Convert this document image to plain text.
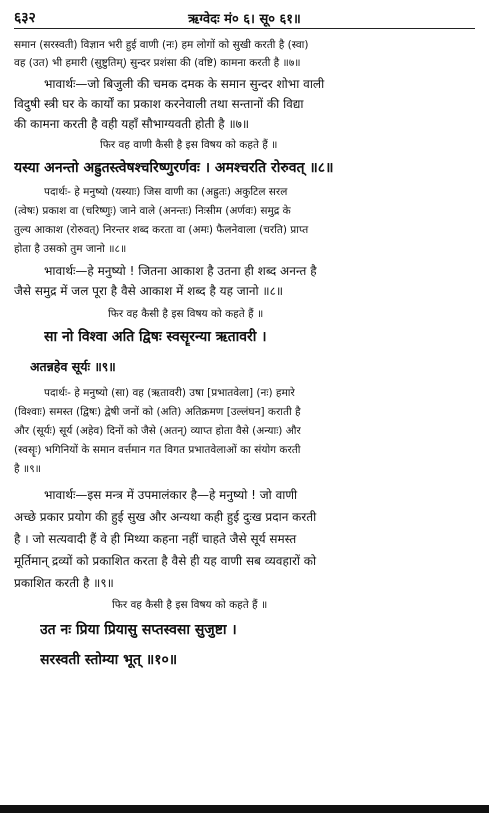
६३२	ऋग्वेदः मं० ६। सू० ६१॥
समान (सरस्वती) विज्ञान भरी हुई वाणी (नः) हम लोगों को सुखी करती है (स्वा)
वह (उत) भी हमारी (सुष्टुतिम्) सुन्दर प्रशंसा की (वष्टि) कामना करती है ॥७॥
भावार्थः—जो बिजुली की चमक दमक के समान सुन्दर शोभा वाली
विदुषी स्त्री घर के कार्यों का प्रकाश करनेवाली तथा सन्तानों की विद्या
की कामना करती है वही यहाँ सौभाग्यवती होती है ॥७॥
फिर वह वाणी कैसी है इस विषय को कहते हैं ॥
यस्या अनन्तो अह्रुतस्त्वेषश्चरिष्णुरर्णवः । अमश्चरति रोरुवत् ॥८॥
पदार्थः- हे मनुष्यो (यस्याः) जिस वाणी का (अह्रुतः) अकुटिल सरल
(त्वेषः) प्रकाश वा (चरिष्णुः) जाने वाले (अनन्तः) निःसीम (अर्णवः) समुद्र के
तुल्य आकाश (रोरुवत्) निरन्तर शब्द करता वा (अमः) फैलनेवाला (चरति) प्राप्त
होता है उसको तुम जानो ॥८॥
भावार्थः—हे मनुष्यो ! जितना आकाश है उतना ही शब्द अनन्त है
जैसे समुद्र में जल पूरा है वैसे आकाश में शब्द है यह जानो ॥८॥
फिर वह कैसी है इस विषय को कहते हैं ॥
सा नो विश्वा अति द्विषः स्वसॄरन्या ऋतावरी ।
अतन्नहेव सूर्यः ॥९॥
पदार्थः- हे मनुष्यो (सा) वह (ऋतावरी) उषा [प्रभातवेला] (नः) हमारे
(विश्वाः) समस्त (द्विषः) द्वेषी जनों को (अति) अतिक्रमण [उल्लंघन] कराती है
और (सूर्यः) सूर्य (अहेव) दिनों को जैसे (अतन्) व्याप्त होता वैसे (अन्याः) और
(स्वसॄः) भगिनियों के समान वर्त्तमान गत विगत प्रभातवेलाओं का संयोग करती
है ॥९॥
भावार्थः—इस मन्त्र में उपमालंकार है—हे मनुष्यो ! जो वाणी
अच्छे प्रकार प्रयोग की हुई सुख और अन्यथा कही हुई दुःख प्रदान करती
है । जो सत्यवादी हैं वे ही मिथ्या कहना नहीं चाहते जैसे सूर्य समस्त
मूर्तिमान् द्रव्यों को प्रकाशित करता है वैसे ही यह वाणी सब व्यवहारों को
प्रकाशित करती है ॥९॥
फिर वह कैसी है इस विषय को कहते हैं ॥
उत नः प्रिया प्रियासु सप्तस्वसा सुजुष्टा ।
सरस्वती स्तोम्या भूत् ॥१०॥
